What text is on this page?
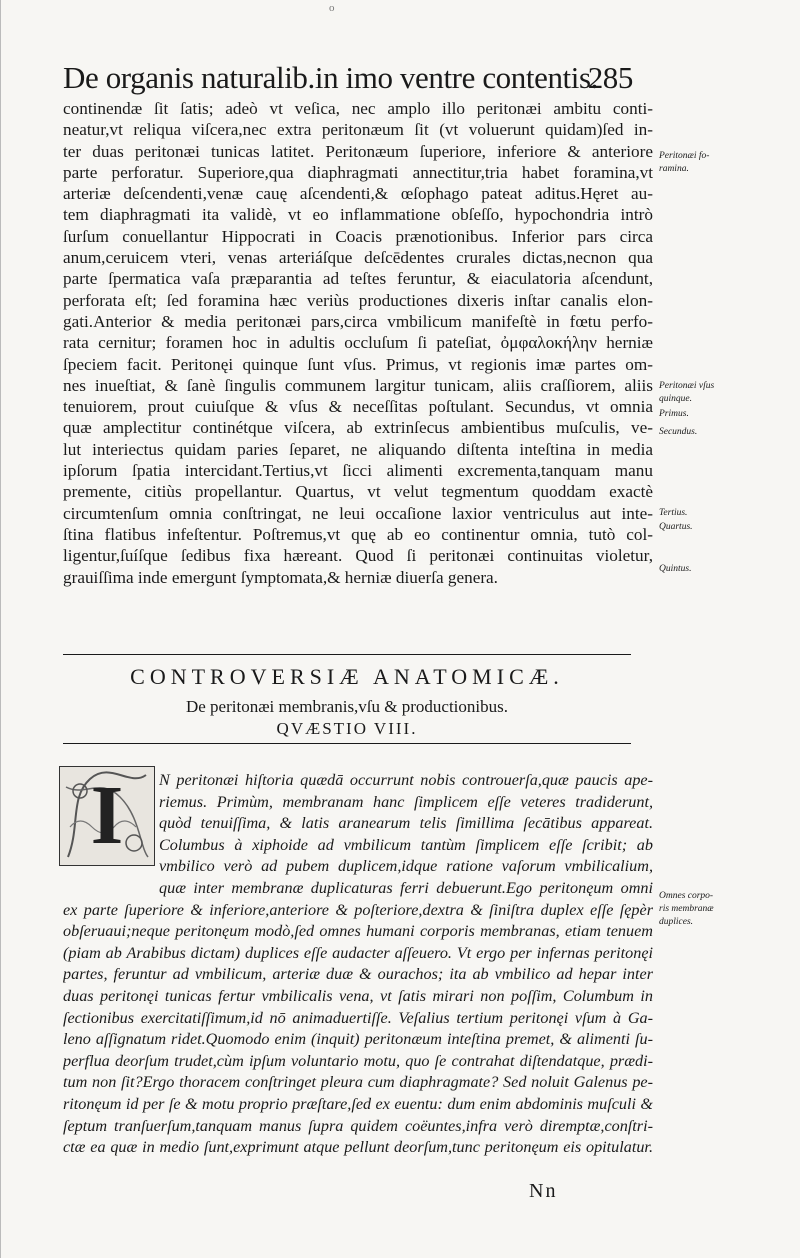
o
De organis naturalib.in imo ventre contentis.
285
continendæ ſit ſatis; adeò vt veſica, nec amplo illo peritonæi ambitu conti-
neatur,vt reliqua viſcera,nec extra peritonæum ſit (vt voluerunt quidam)ſed in-
ter duas peritonæi tunicas latitet. Peritonæum ſuperiore, inferiore & anteriore
parte perforatur. Superiore,qua diaphragmati annectitur,tria habet foramina,vt
arteriæ deſcendenti,venæ cauę aſcendenti,& œſophago pateat aditus.Hęret au-
tem diaphragmati ita validè, vt eo inflammatione obſeſſo, hypochondria intrò
ſurſum conuellantur Hippocrati in Coacis prænotionibus. Inferior pars circa
anum,ceruicem vteri, venas arteriáſque deſcēdentes crurales dictas,necnon qua
parte ſpermatica vaſa præparantia ad teſtes feruntur, & eiaculatoria aſcendunt,
perforata eſt; ſed foramina hæc veriùs productiones dixeris inſtar canalis elon-
gati.Anterior & media peritonæi pars,circa vmbilicum manifeſtè in fœtu perfo-
rata cernitur; foramen hoc in adultis occluſum ſi pateſiat, ὀμφαλοκήλην herniæ
ſpeciem facit. Peritonęi quinque ſunt vſus. Primus, vt regionis imæ partes om-
nes inueſtiat, & ſanè ſingulis communem largitur tunicam, aliis craſſiorem, aliis
tenuiorem, prout cuiuſque & vſus & neceſſitas poſtulant. Secundus, vt omnia
quæ amplectitur continétque viſcera, ab extrinſecus ambientibus muſculis, ve-
lut interiectus quidam paries ſeparet, ne aliquando diſtenta inteſtina in media
ipſorum ſpatia intercidant.Tertius,vt ſicci alimenti excrementa,tanquam manu
premente, citiùs propellantur. Quartus, vt velut tegmentum quoddam exactè
circumtenſum omnia conſtringat, ne leui occaſione laxior ventriculus aut inte-
ſtina flatibus infeſtentur. Poſtremus,vt quę ab eo continentur omnia, tutò col-
ligentur,ſuíſque ſedibus fixa hæreant. Quod ſi peritonæi continuitas violetur,
grauiſſima inde emergunt ſymptomata,& herniæ diuerſa genera.
Peritonæi fo-
ramina.
Peritonæi vſus
quinque.
Primus.
Secundus.
Tertius.
Quartus.
Quintus.
Omnes corpo-
ris membranæ
duplices.
CONTROVERSIÆ ANATOMICÆ.
De peritonæi membranis,vſu & productionibus.
QVÆSTIO VIII.
I	N peritonæi hiſtoria quædā occurrunt nobis controuerſa,quæ paucis ape-
riemus. Primùm, membranam hanc ſimplicem eſſe veteres tradiderunt,
quòd tenuiſſima, & latis aranearum telis ſimillima ſecātibus appareat.
Columbus à xiphoide ad vmbilicum tantùm ſimplicem eſſe ſcribit; ab
vmbilico verò ad pubem duplicem,idque ratione vaſorum vmbilicalium,
quæ inter membranæ duplicaturas ferri debuerunt.Ego peritonęum omni
ex parte ſuperiore & inferiore,anteriore & poſteriore,dextra & ſiniſtra duplex eſſe ſępèr
obſeruaui;neque peritonęum modò,ſed omnes humani corporis membranas, etiam tenuem
(piam ab Arabibus dictam) duplices eſſe audacter aſſeuero. Vt ergo per infernas peritonęi
partes, feruntur ad vmbilicum, arteriæ duæ & ourachos; ita ab vmbilico ad hepar inter
duas peritonęi tunicas fertur vmbilicalis vena, vt ſatis mirari non poſſim, Columbum in
ſectionibus exercitatiſſimum,id nō animaduertiſſe. Veſalius tertium peritonęi vſum à Ga-
leno aſſignatum ridet.Quomodo enim (inquit) peritonæum inteſtina premet, & alimenti ſu-
perflua deorſum trudet,cùm ipſum voluntario motu, quo ſe contrahat diſtendatque, prædi-
tum non ſit?Ergo thoracem conſtringet pleura cum diaphragmate? Sed noluit Galenus pe-
ritonęum id per ſe & motu proprio præſtare,ſed ex euentu: dum enim abdominis muſculi &
ſeptum tranſuerſum,tanquam manus ſupra quidem coëuntes,infra verò diremptæ,conſtri-
ctæ ea quæ in medio ſunt,exprimunt atque pellunt deorſum,tunc peritonęum eis opitulatur.
Nn
